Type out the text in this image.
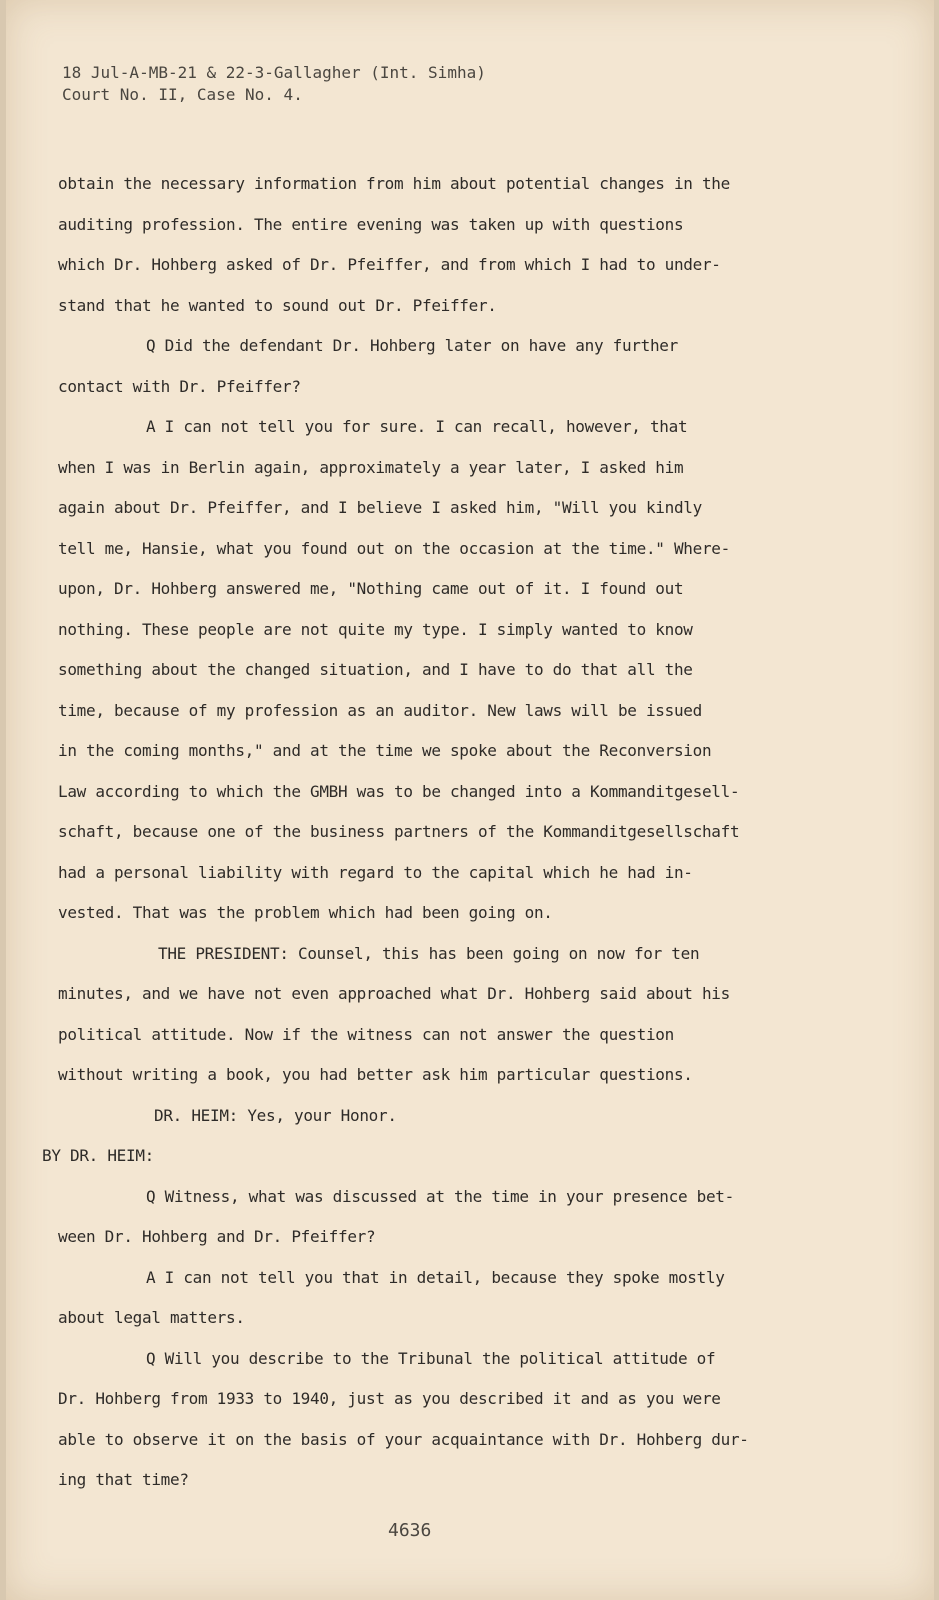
18 Jul-A-MB-21 & 22-3-Gallagher (Int. Simha)
Court No. II, Case No. 4.
obtain the necessary information from him about potential changes in the
auditing profession. The entire evening was taken up with questions
which Dr. Hohberg asked of Dr. Pfeiffer, and from which I had to under-
stand that he wanted to sound out Dr. Pfeiffer.
Q Did the defendant Dr. Hohberg later on have any further
contact with Dr. Pfeiffer?
A I can not tell you for sure. I can recall, however, that
when I was in Berlin again, approximately a year later, I asked him
again about Dr. Pfeiffer, and I believe I asked him, "Will you kindly
tell me, Hansie, what you found out on the occasion at the time." Where-
upon, Dr. Hohberg answered me, "Nothing came out of it. I found out
nothing. These people are not quite my type. I simply wanted to know
something about the changed situation, and I have to do that all the
time, because of my profession as an auditor. New laws will be issued
in the coming months," and at the time we spoke about the Reconversion
Law according to which the GMBH was to be changed into a Kommanditgesell-
schaft, because one of the business partners of the Kommanditgesellschaft
had a personal liability with regard to the capital which he had in-
vested. That was the problem which had been going on.
THE PRESIDENT: Counsel, this has been going on now for ten
minutes, and we have not even approached what Dr. Hohberg said about his
political attitude. Now if the witness can not answer the question
without writing a book, you had better ask him particular questions.
DR. HEIM: Yes, your Honor.
BY DR. HEIM:
Q Witness, what was discussed at the time in your presence bet-
ween Dr. Hohberg and Dr. Pfeiffer?
A I can not tell you that in detail, because they spoke mostly
about legal matters.
Q Will you describe to the Tribunal the political attitude of
Dr. Hohberg from 1933 to 1940, just as you described it and as you were
able to observe it on the basis of your acquaintance with Dr. Hohberg dur-
ing that time?
4636
